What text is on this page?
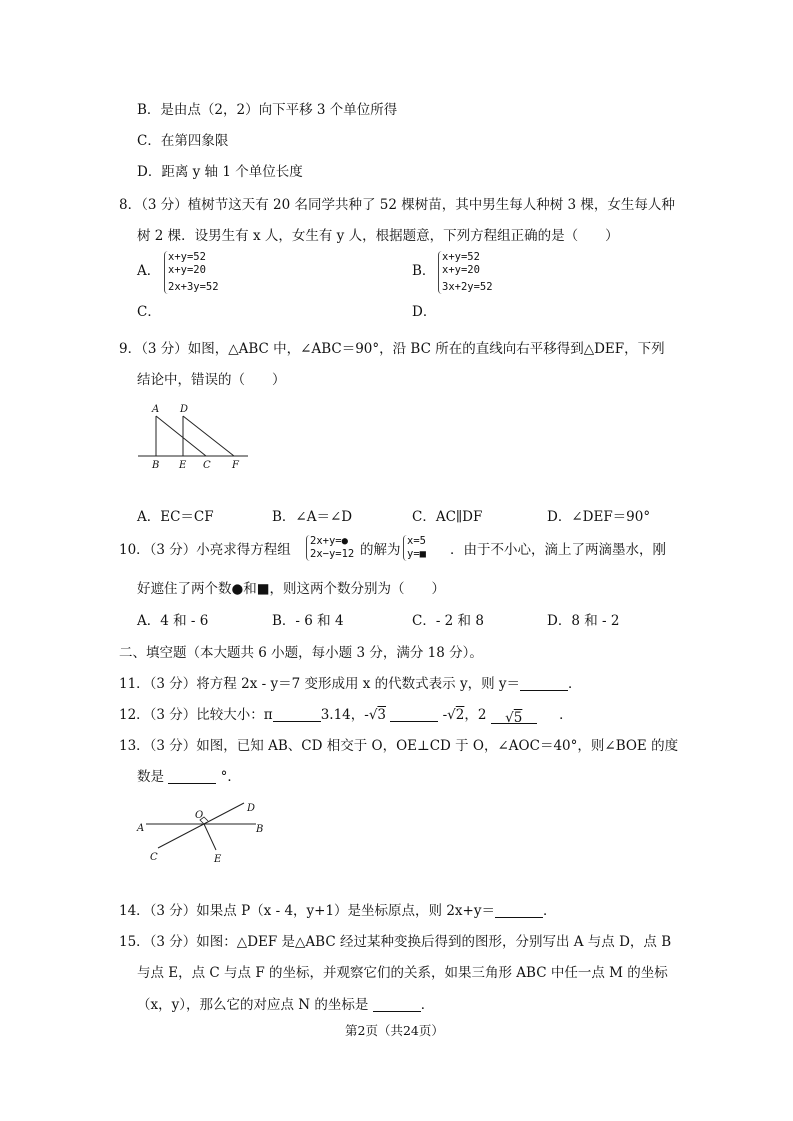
B．是由点（2，2）向下平移 3 个单位所得
C．在第四象限
D．距离 y 轴 1 个单位长度
8．（3 分）植树节这天有 20 名同学共种了 52 棵树苗，其中男生每人种树 3 棵，女生每人种
树 2 棵．设男生有 x 人，女生有 y 人，根据题意，下列方程组正确的是（　　）
A．
x+y=52
x+y=20
2x+3y=52
C．
B．
x+y=52
x+y=20
3x+2y=52
D．
9．（3 分）如图，△ABC 中，∠ABC＝90°，沿 BC 所在的直线向右平移得到△DEF，下列
结论中，错误的（　　）
A D
B E C F
A．EC＝CF	B．∠A＝∠D	C．AC∥DF	D．∠DEF＝90°
10．（3 分）小亮求得方程组
2x+y=●
2x−y=12 的解为
x=5
y=■ ．由于不小心，滴上了两滴墨水，刚
好遮住了两个数●和■，则这两个数分别为（　　）
A．4 和 - 6	B．- 6 和 4	C．- 2 和 8	D．8 和 - 2
二、填空题（本大题共 6 小题，每小题 3 分，满分 18 分）。
11．（3 分）将方程 2x - y＝7 变形成用 x 的代数式表示 y，则 y＝	．
12．（3 分）比较大小：π	3.14，-√3	-√2，2 √5	．
13．（3 分）如图，已知 AB、CD 相交于 O，OE⊥CD 于 O，∠AOC＝40°，则∠BOE 的度
数是	°．
A	B
C
D
O
E
14．（3 分）如果点 P（x - 4，y+1）是坐标原点，则 2x+y＝	．
15．（3 分）如图：△DEF 是△ABC 经过某种变换后得到的图形，分别写出 A 与点 D，点 B
与点 E，点 C 与点 F 的坐标，并观察它们的关系，如果三角形 ABC 中任一点 M 的坐标
（x，y），那么它的对应点 N 的坐标是	．
第2页（共24页）
